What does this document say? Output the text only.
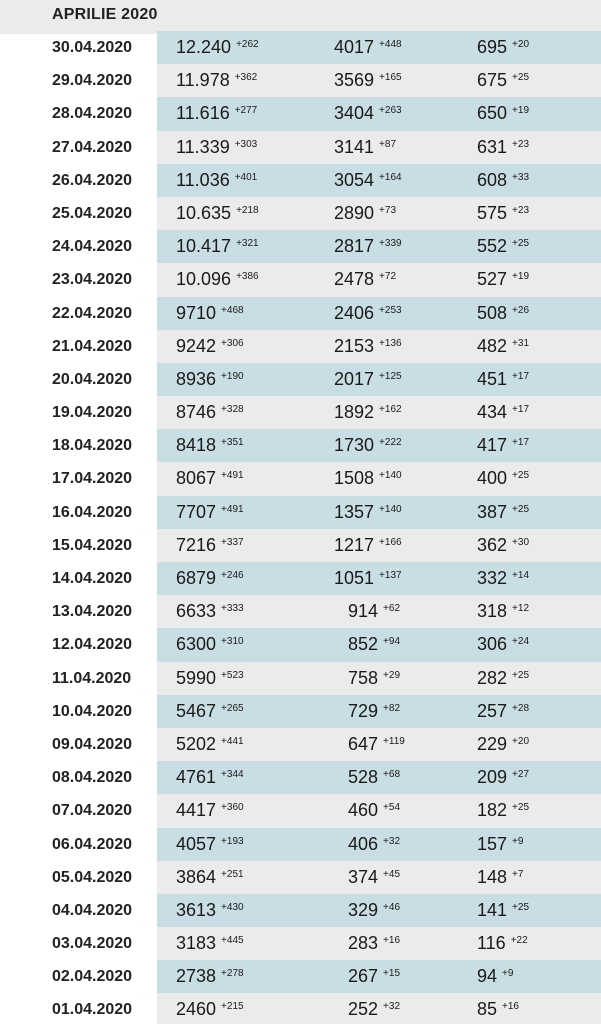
APRILIE 2020
30.04.2020 12.240 $^{+262}$	4017 $^{+448}$	695 $^{+20}$
29.04.2020 11.978 $^{+362}$	3569 $^{+165}$	675 $^{+25}$
28.04.2020 11.616 $^{+277}$	3404 $^{+263}$	650 $^{+19}$
27.04.2020 11.339 $^{+303}$	3141 $^{+87}$	631 $^{+23}$
26.04.2020 11.036 $^{+401}$	3054 $^{+164}$	608 $^{+33}$
25.04.2020 10.635 $^{+218}$	2890 $^{+73}$	575 $^{+23}$
24.04.2020 10.417 $^{+321}$	2817 $^{+339}$	552 $^{+25}$
23.04.2020 10.096 $^{+386}$	2478 $^{+72}$	527 $^{+19}$
22.04.2020 9710 $^{+468}$	2406 $^{+253}$	508 $^{+26}$
21.04.2020 9242 $^{+306}$	2153 $^{+136}$	482 $^{+31}$
20.04.2020 8936 $^{+190}$	2017 $^{+125}$	451 $^{+17}$
19.04.2020 8746 $^{+328}$	1892 $^{+162}$	434 $^{+17}$
18.04.2020 8418 $^{+351}$	1730 $^{+222}$	417 $^{+17}$
17.04.2020 8067 $^{+491}$	1508 $^{+140}$	400 $^{+25}$
16.04.2020 7707 $^{+491}$	1357 $^{+140}$	387 $^{+25}$
15.04.2020 7216 $^{+337}$	1217 $^{+166}$	362 $^{+30}$
14.04.2020 6879 $^{+246}$	1051 $^{+137}$	332 $^{+14}$
13.04.2020 6633 $^{+333}$	914 $^{+62}$	318 $^{+12}$
12.04.2020 6300 $^{+310}$	852 $^{+94}$	306 $^{+24}$
11.04.2020 5990 $^{+523}$	758 $^{+29}$	282 $^{+25}$
10.04.2020 5467 $^{+265}$	729 $^{+82}$	257 $^{+28}$
09.04.2020 5202 $^{+441}$	647 $^{+119}$	229 $^{+20}$
08.04.2020 4761 $^{+344}$	528 $^{+68}$	209 $^{+27}$
07.04.2020 4417 $^{+360}$	460 $^{+54}$	182 $^{+25}$
06.04.2020 4057 $^{+193}$	406 $^{+32}$	157 $^{+9}$
05.04.2020 3864 $^{+251}$	374 $^{+45}$	148 $^{+7}$
04.04.2020 3613 $^{+430}$	329 $^{+46}$	141 $^{+25}$
03.04.2020 3183 $^{+445}$	283 $^{+16}$	116 $^{+22}$
02.04.2020 2738 $^{+278}$	267 $^{+15}$	94 $^{+9}$
01.04.2020 2460 $^{+215}$	252 $^{+32}$	85 $^{+16}$
